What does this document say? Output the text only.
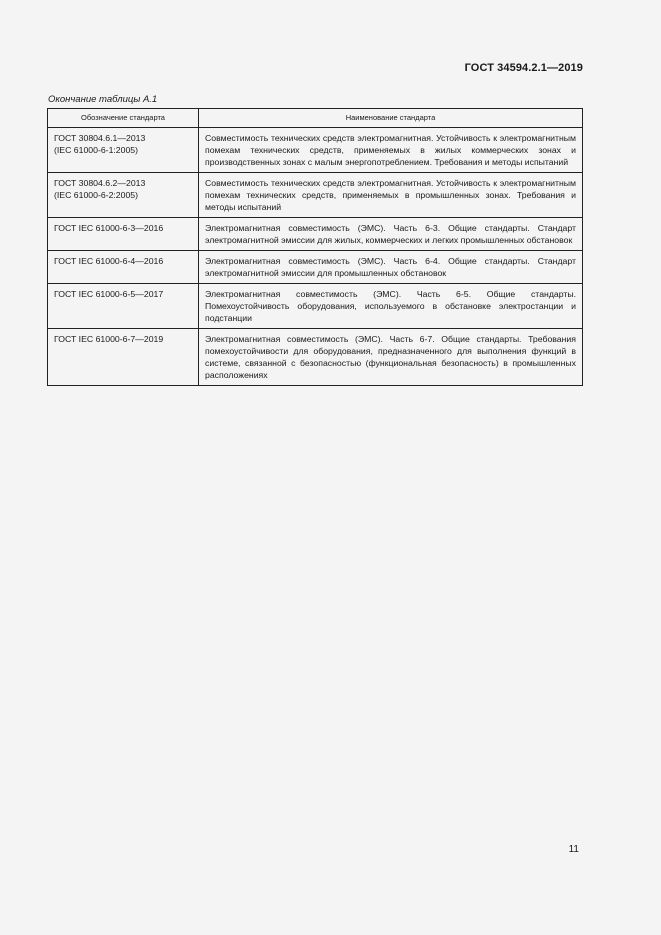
ГОСТ 34594.2.1—2019
Окончание таблицы А.1
Обозначение стандарта	Наименование стандарта
ГОСТ 30804.6.1—2013
(IEC 61000-6-1:2005)	Совместимость технических средств электромагнитная. Устойчивость к электромагнитным помехам технических средств, применяемых в жилых коммерческих зонах и производственных зонах с малым энергопотреблением. Требования и методы испытаний
ГОСТ 30804.6.2—2013
(IEC 61000-6-2:2005)	Совместимость технических средств электромагнитная. Устойчивость к электромагнитным помехам технических средств, применяемых в промышленных зонах. Требования и методы испытаний
ГОСТ IEC 61000-6-3—2016	Электромагнитная совместимость (ЭМС). Часть 6-3. Общие стандарты. Стандарт электромагнитной эмиссии для жилых, коммерческих и легких промышленных обстановок
ГОСТ IEC 61000-6-4—2016	Электромагнитная совместимость (ЭМС). Часть 6-4. Общие стандарты. Стандарт электромагнитной эмиссии для промышленных обстановок
ГОСТ IEC 61000-6-5—2017	Электромагнитная совместимость (ЭМС). Часть 6-5. Общие стандарты. Помехоустойчивость оборудования, используемого в обстановке электростанции и подстанции
ГОСТ IEC 61000-6-7—2019	Электромагнитная совместимость (ЭМС). Часть 6-7. Общие стандарты. Требования помехоустойчивости для оборудования, предназначенного для выполнения функций в системе, связанной с безопасностью (функциональная безопасность) в промышленных расположениях
11
